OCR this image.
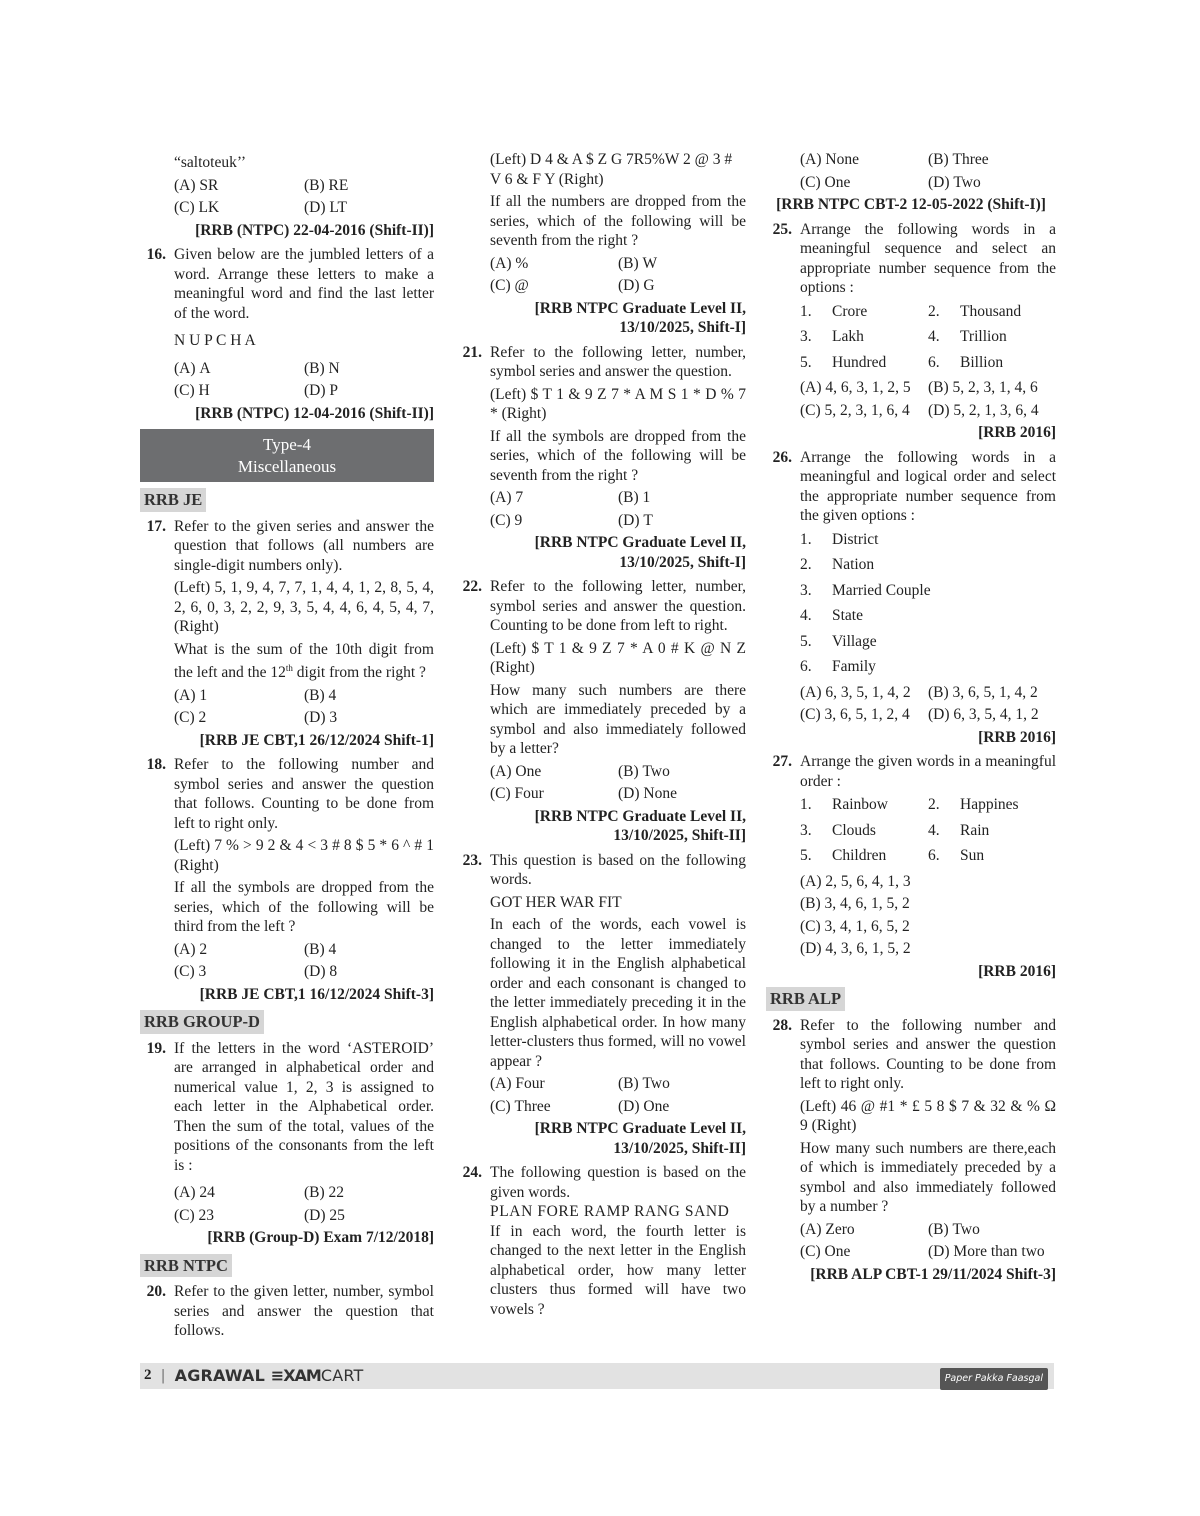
“saltoteuk’’
(A) SR	(B) RE
(C) LK	(D) LT
[RRB (NTPC) 22-04-2016 (Shift-II)]
16. Given below are the jumbled letters of a word. Arrange these letters to make a meaningful word and find the last letter of the word.
N U P C H A
(A) A	(B) N
(C) H	(D) P
[RRB (NTPC) 12-04-2016 (Shift-II)]
Type-4
Miscellaneous
RRB JE
17. Refer to the given series and answer the question that follows (all numbers are single-digit numbers only).
(Left) 5, 1, 9, 4, 7, 7, 1, 4, 4, 1, 2, 8, 5, 4, 2, 6, 0, 3, 2, 2, 9, 3, 5, 4, 4, 6, 4, 5, 4, 7, (Right)
What is the sum of the 10th digit from the left and the 12th digit from the right ?
(A) 1	(B) 4
(C) 2	(D) 3
[RRB JE CBT,1 26/12/2024 Shift-1]
18. Refer to the following number and symbol series and answer the question that follows. Counting to be done from left to right only.
(Left) 7 % > 9 2 & 4 < 3 # 8 $ 5 * 6 ^ # 1 (Right)
If all the symbols are dropped from the series, which of the following will be third from the left ?
(A) 2	(B) 4
(C) 3	(D) 8
[RRB JE CBT,1 16/12/2024 Shift-3]
RRB GROUP-D
19. If the letters in the word ‘ASTEROID’ are arranged in alphabetical order and numerical value 1, 2, 3 is assigned to each letter in the Alphabetical order. Then the sum of the total, values of the positions of the consonants from the left is :
(A) 24	(B) 22
(C) 23	(D) 25
[RRB (Group-D) Exam 7/12/2018]
RRB NTPC
20. Refer to the given letter, number, symbol series and answer the question that follows.
(Left) D 4 & A $ Z G 7R5%W 2 @ 3 # V 6 & F Y (Right)
If all the numbers are dropped from the series, which of the following will be seventh from the right ?
(A) %	(B) W
(C) @	(D) G
[RRB NTPC Graduate Level II,
13/10/2025, Shift-I]
21. Refer to the following letter, number, symbol series and answer the question.
(Left) $ T 1 & 9 Z 7 * A M S 1 * D % 7 * (Right)
If all the symbols are dropped from the series, which of the following will be seventh from the right ?
(A) 7	(B) 1
(C) 9	(D) T
[RRB NTPC Graduate Level II,
13/10/2025, Shift-I]
22. Refer to the following letter, number, symbol series and answer the question. Counting to be done from left to right.
(Left) $ T 1 & 9 Z 7 * A 0 # K @ N Z (Right)
How many such numbers are there which are immediately preceded by a symbol and also immediately followed by a letter?
(A) One	(B) Two
(C) Four	(D) None
[RRB NTPC Graduate Level II,
13/10/2025, Shift-II]
23. This question is based on the following words.
GOT HER WAR FIT
In each of the words, each vowel is changed to the letter immediately following it in the English alphabetical order and each consonant is changed to the letter immediately preceding it in the English alphabetical order. In how many letter-clusters thus formed, will no vowel appear ?
(A) Four	(B) Two
(C) Three	(D) One
[RRB NTPC Graduate Level II,
13/10/2025, Shift-II]
24. The following question is based on the given words.
PLAN FORE RAMP RANG SAND
If in each word, the fourth letter is changed to the next letter in the English alphabetical order, how many letter clusters thus formed will have two vowels ?
(A) None	(B) Three
(C) One	(D) Two
[RRB NTPC CBT-2 12-05-2022 (Shift-I)]
25. Arrange the following words in a meaningful sequence and select an appropriate number sequence from the options :
1.	Crore	2.	Thousand
3.	Lakh	4.	Trillion
5.	Hundred	6.	Billion
(A) 4, 6, 3, 1, 2, 5	(B) 5, 2, 3, 1, 4, 6
(C) 5, 2, 3, 1, 6, 4	(D) 5, 2, 1, 3, 6, 4
[RRB 2016]
26. Arrange the following words in a meaningful and logical order and select the appropriate number sequence from the given options :
1.	District
2.	Nation
3.	Married Couple
4.	State
5.	Village
6.	Family
(A) 6, 3, 5, 1, 4, 2	(B) 3, 6, 5, 1, 4, 2
(C) 3, 6, 5, 1, 2, 4	(D) 6, 3, 5, 4, 1, 2
[RRB 2016]
27. Arrange the given words in a meaningful order :
1.	Rainbow	2.	Happines
3.	Clouds	4.	Rain
5.	Children	6.	Sun
(A) 2, 5, 6, 4, 1, 3
(B) 3, 4, 6, 1, 5, 2
(C) 3, 4, 1, 6, 5, 2
(D) 4, 3, 6, 1, 5, 2
[RRB 2016]
RRB ALP
28. Refer to the following number and symbol series and answer the question that follows. Counting to be done from left to right only.
(Left) 46 @ #1 * £ 5 8 $ 7 & 32 & % Ω 9 (Right)
How many such numbers are there,each of which is immediately preceded by a symbol and also immediately followed by a number ?
(A) Zero	(B) Two
(C) One	(D) More than two
[RRB ALP CBT-1 29/11/2024 Shift-3]
2 | AGRAWAL ≡XAMCART	Paper Pakka Faasgal
